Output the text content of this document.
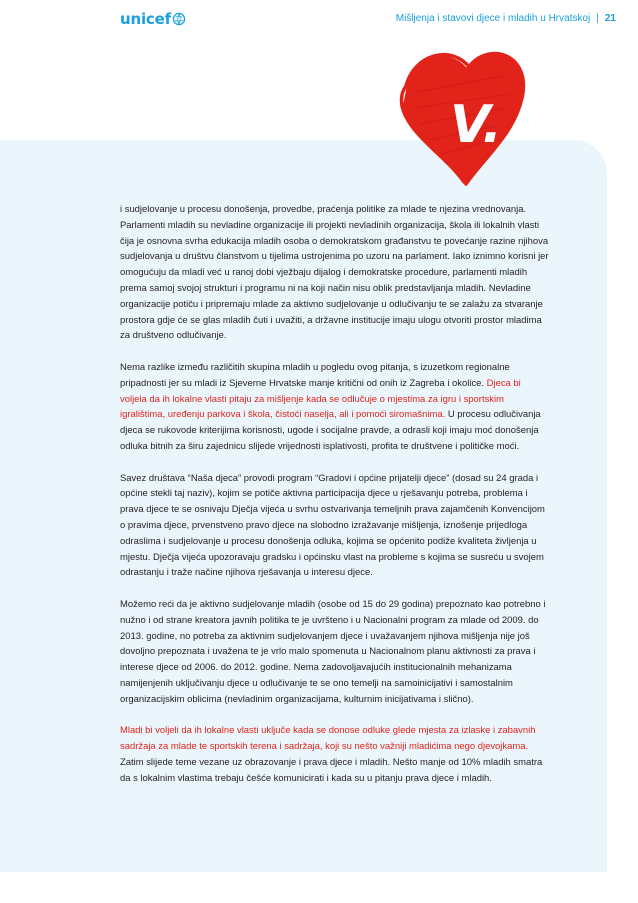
unicef	Mišljenja i stavovi djece i mladih u Hrvatskoj | 21
V.

i sudjelovanje u procesu donošenja, provedbe, praćenja politike za mlade te njezina vrednovanja. Parlamenti mladih su nevladine organizacije ili projekti nevladinih organizacija, škola ili lokalnih vlasti čija je osnovna svrha edukacija mladih osoba o demokratskom građanstvu te povećanje razine njihova sudjelovanja u društvu članstvom u tijelima ustrojenima po uzoru na parlament. Iako iznimno korisni jer omogućuju da mladi već u ranoj dobi vježbaju dijalog i demokratske procedure, parlamenti mladih prema samoj svojoj strukturi i programu ni na koji način nisu oblik predstavljanja mladih. Nevladine organizacije potiču i pripremaju mlade za aktivno sudjelovanje u odlučivanju te se zalažu za stvaranje prostora gdje će se glas mladih čuti i uvažiti, a državne institucije imaju ulogu otvoriti prostor mladima za društveno odlučivanje.

Nema razlike između različitih skupina mladih u pogledu ovog pitanja, s izuzetkom regionalne pripadnosti jer su mladi iz Sjeverne Hrvatske manje kritični od onih iz Zagreba i okolice. Djeca bi voljela da ih lokalne vlasti pitaju za mišljenje kada se odlučuje o mjestima za igru i sportskim igralištima, uređenju parkova i škola, čistoći naselja, ali i pomoći siromašnima. U procesu odlučivanja djeca se rukovode kriterijima korisnosti, ugode i socijalne pravde, a odrasli koji imaju moć donošenja odluka bitnih za širu zajednicu slijede vrijednosti isplativosti, profita te društvene i političke moći.

Savez društava “Naša djeca” provodi program “Gradovi i općine prijatelji djece” (dosad su 24 grada i općine stekli taj naziv), kojim se potiče aktivna participacija djece u rješavanju potreba, problema i prava djece te se osnivaju Dječja vijeća u svrhu ostvarivanja temeljnih prava zajamčenih Konvencijom o pravima djece, prvenstveno pravo djece na slobodno izražavanje mišljenja, iznošenje prijedloga odraslima i sudjelovanje u procesu donošenja odluka, kojima se općenito podiže kvaliteta življenja u mjestu. Dječja vijeća upozoravaju gradsku i općinsku vlast na probleme s kojima se susreću u svojem odrastanju i traže načine njihova rješavanja u interesu djece.

Možemo reći da je aktivno sudjelovanje mladih (osobe od 15 do 29 godina) prepoznato kao potrebno i nužno i od strane kreatora javnih politika te je uvršteno i u Nacionalni program za mlade od 2009. do 2013. godine, no potreba za aktivnim sudjelovanjem djece i uvažavanjem njihova mišljenja nije još dovoljno prepoznata i uvažena te je vrlo malo spomenuta u Nacionalnom planu aktivnosti za prava i interese djece od 2006. do 2012. godine. Nema zadovoljavajućih institucionalnih mehanizama namijenjenih uključivanju djece u odlučivanje te se ono temelji na samoinicijativi i samostalnim organizacijskim oblicima (nevladinim organizacijama, kulturnim inicijativama i slično).

Mladi bi voljeli da ih lokalne vlasti uključe kada se donose odluke glede mjesta za izlaske i zabavnih sadržaja za mlade te sportskih terena i sadržaja, koji su nešto važniji mladićima nego djevojkama. Zatim slijede teme vezane uz obrazovanje i prava djece i mladih. Nešto manje od 10% mladih smatra da s lokalnim vlastima trebaju češće komunicirati i kada su u pitanju prava djece i mladih.
